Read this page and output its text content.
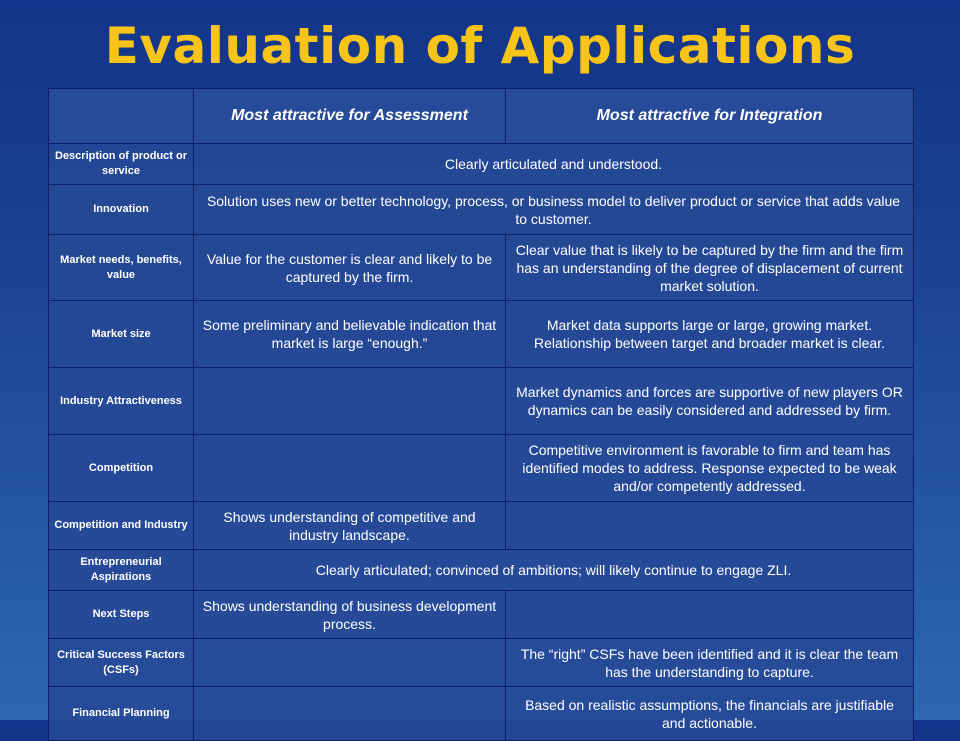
Evaluation of Applications
	Most attractive for Assessment	Most attractive for Integration
Description of product or service	Clearly articulated and understood.	
Innovation	Solution uses new or better technology, process, or business model to deliver product or service that adds value to customer.	
Market needs, benefits, value	Value for the customer is clear and likely to be captured by the firm.	Clear value that is likely to be captured by the firm and the firm has an understanding of the degree of displacement of current market solution.
Market size	Some preliminary and believable indication that market is large “enough.”	Market data supports large or large, growing market. Relationship between target and broader market is clear.
Industry Attractiveness		Market dynamics and forces are supportive of new players OR dynamics can be easily considered and addressed by firm.
Competition		Competitive environment is favorable to firm and team has identified modes to address. Response expected to be weak and/or competently addressed.
Competition and Industry	Shows understanding of competitive and industry landscape.	
Entrepreneurial Aspirations	Clearly articulated; convinced of ambitions; will likely continue to engage ZLI.	
Next Steps	Shows understanding of business development process.	
Critical Success Factors (CSFs)		The “right” CSFs have been identified and it is clear the team has the understanding to capture.
Financial Planning		Based on realistic assumptions, the financials are justifiable and actionable.
